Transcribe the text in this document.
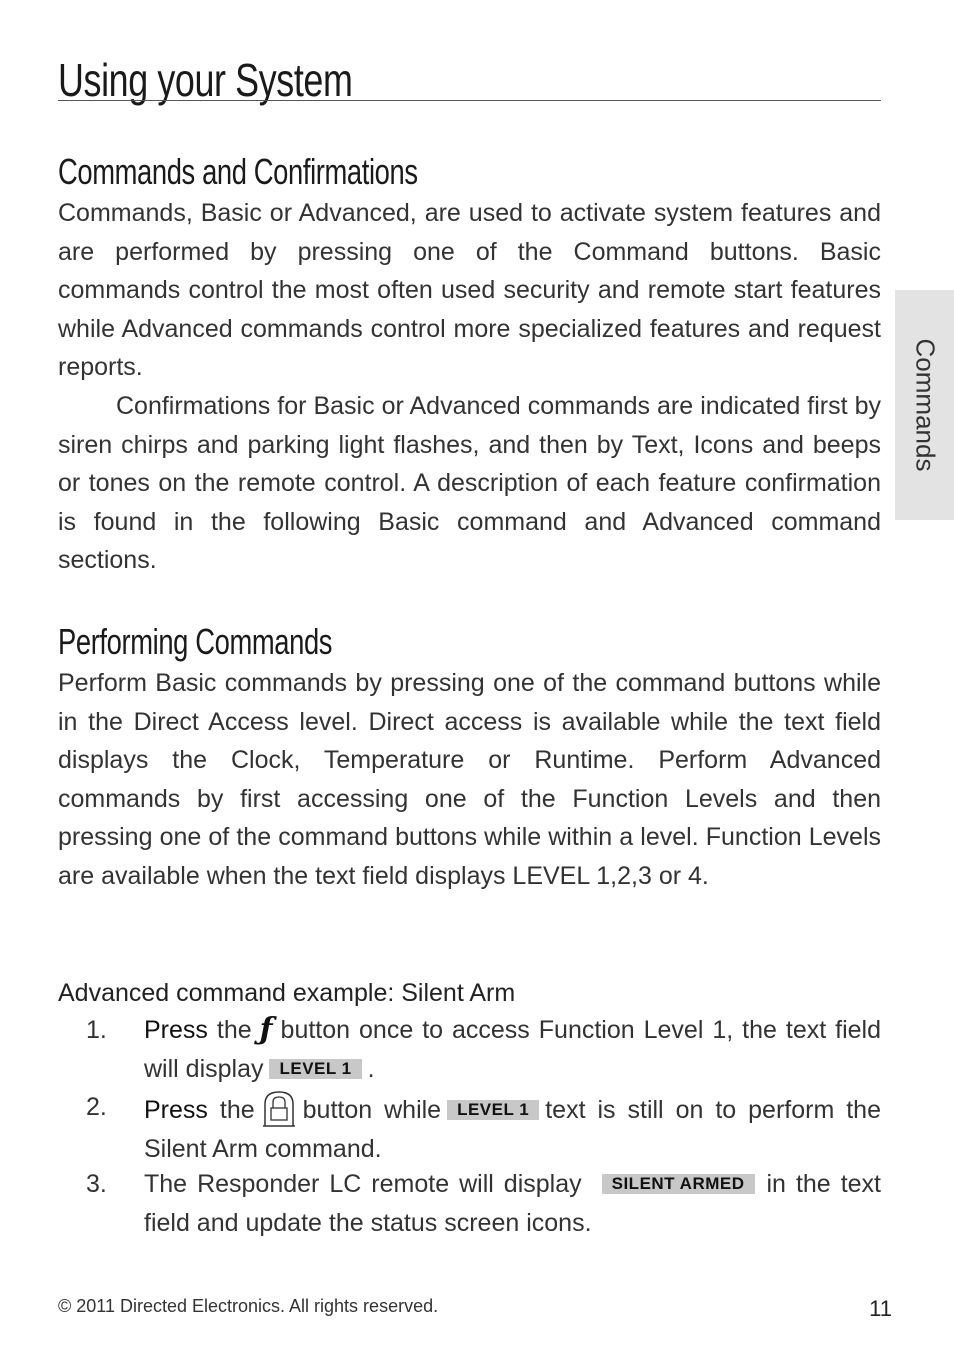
Using your System
Commands
Commands and Confirmations

Commands, Basic or Advanced, are used to activate system features and are performed by pressing one of the Command buttons. Basic commands control the most often used security and remote start features while Advanced commands control more specialized features and request reports.

Confirmations for Basic or Advanced commands are indicated first by siren chirps and parking light flashes, and then by Text, Icons and beeps or tones on the remote control. A description of each feature confirmation is found in the following Basic command and Advanced command sections.

Performing Commands

Perform Basic commands by pressing one of the command buttons while in the Direct Access level. Direct access is available while the text field displays the Clock, Temperature or Runtime. Perform Advanced commands by first accessing one of the Function Levels and then pressing one of the command buttons while within a level. Function Levels are available when the text field displays LEVEL 1,2,3 or 4.

Advanced command example: Silent Arm
1. Press the ƒ button once to access Function Level 1, the text field will display LEVEL 1 .
2. Press the button while LEVEL 1 text is still on to perform the Silent Arm command.
3. The Responder LC remote will display SILENT ARMED in the text field and update the status screen icons.
© 2011 Directed Electronics. All rights reserved.	11
